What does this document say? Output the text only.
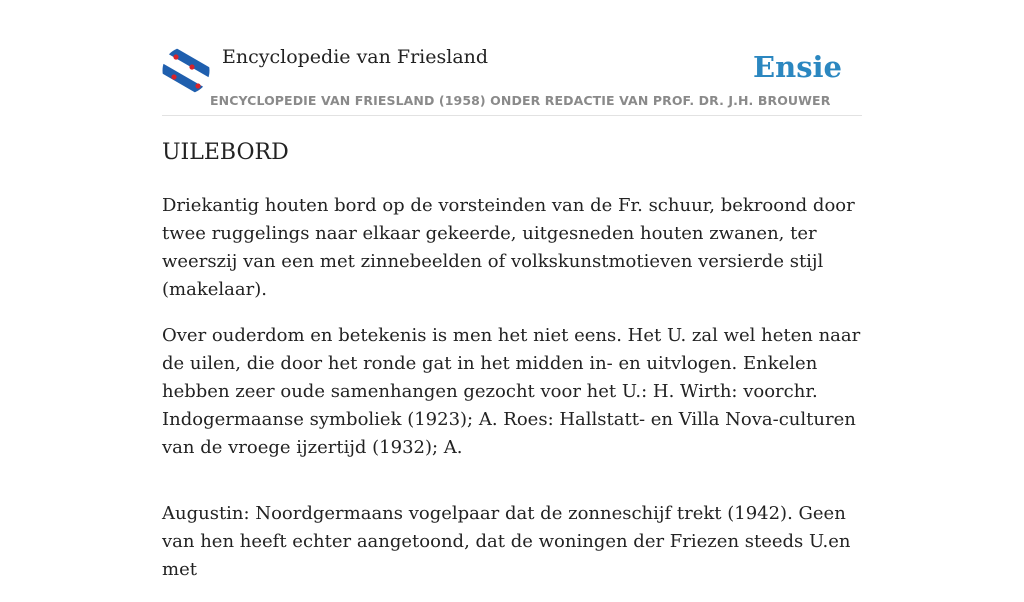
Encyclopedie van Friesland	Ensie
ENCYCLOPEDIE VAN FRIESLAND (1958) ONDER REDACTIE VAN PROF. DR. J.H. BROUWER
UILEBORD

Driekantig houten bord op de vorsteinden van de Fr. schuur, bekroond door twee ruggelings naar elkaar gekeerde, uitgesneden houten zwanen, ter weerszij van een met zinnebeelden of volkskunstmotieven versierde stijl (makelaar).

Over ouderdom en betekenis is men het niet eens. Het U. zal wel heten naar de uilen, die door het ronde gat in het midden in- en uitvlogen. Enkelen hebben zeer oude samenhangen gezocht voor het U.: H. Wirth: voorchr. Indogermaanse symboliek (1923); A. Roes: Hallstatt- en Villa Nova-culturen van de vroege ijzertijd (1932); A.

Augustin: Noordgermaans vogelpaar dat de zonneschijf trekt (1942). Geen van hen heeft echter aangetoond, dat de woningen der Friezen steeds U.en met
